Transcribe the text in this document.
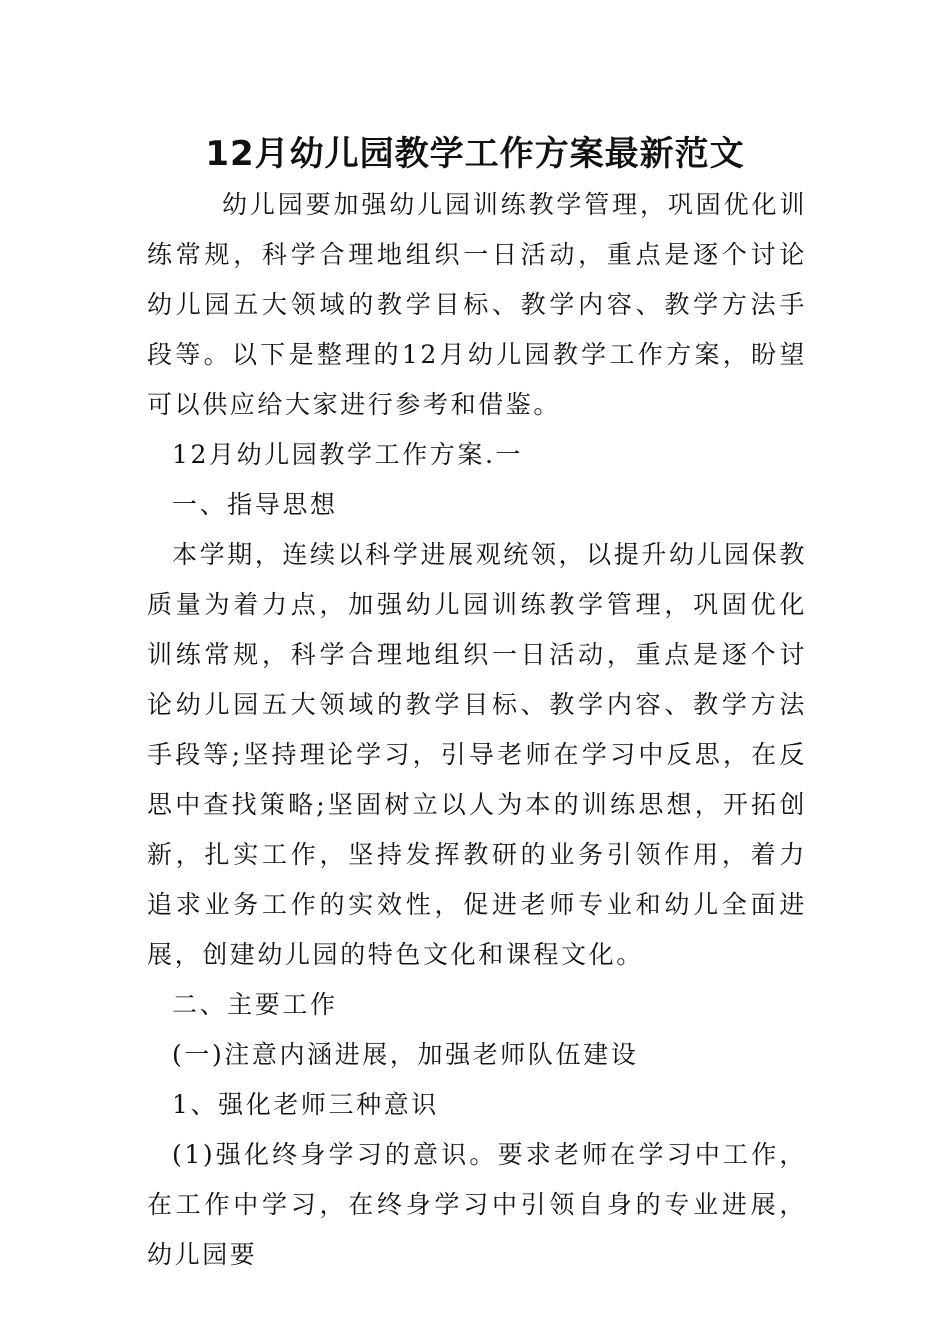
12月幼儿园教学工作方案最新范文

幼儿园要加强幼儿园训练教学管理，巩固优化训练常规，科学合理地组织一日活动，重点是逐个讨论幼儿园五大领域的教学目标、教学内容、教学方法手段等。以下是整理的12月幼儿园教学工作方案，盼望可以供应给大家进行参考和借鉴。

12月幼儿园教学工作方案.一

一、指导思想

本学期，连续以科学进展观统领，以提升幼儿园保教质量为着力点，加强幼儿园训练教学管理，巩固优化训练常规，科学合理地组织一日活动，重点是逐个讨论幼儿园五大领域的教学目标、教学内容、教学方法手段等;坚持理论学习，引导老师在学习中反思，在反思中查找策略;坚固树立以人为本的训练思想，开拓创新，扎实工作，坚持发挥教研的业务引领作用，着力追求业务工作的实效性，促进老师专业和幼儿全面进展，创建幼儿园的特色文化和课程文化。

二、主要工作

(一)注意内涵进展，加强老师队伍建设

1、强化老师三种意识

(1)强化终身学习的意识。要求老师在学习中工作，在工作中学习，在终身学习中引领自身的专业进展，幼儿园要
